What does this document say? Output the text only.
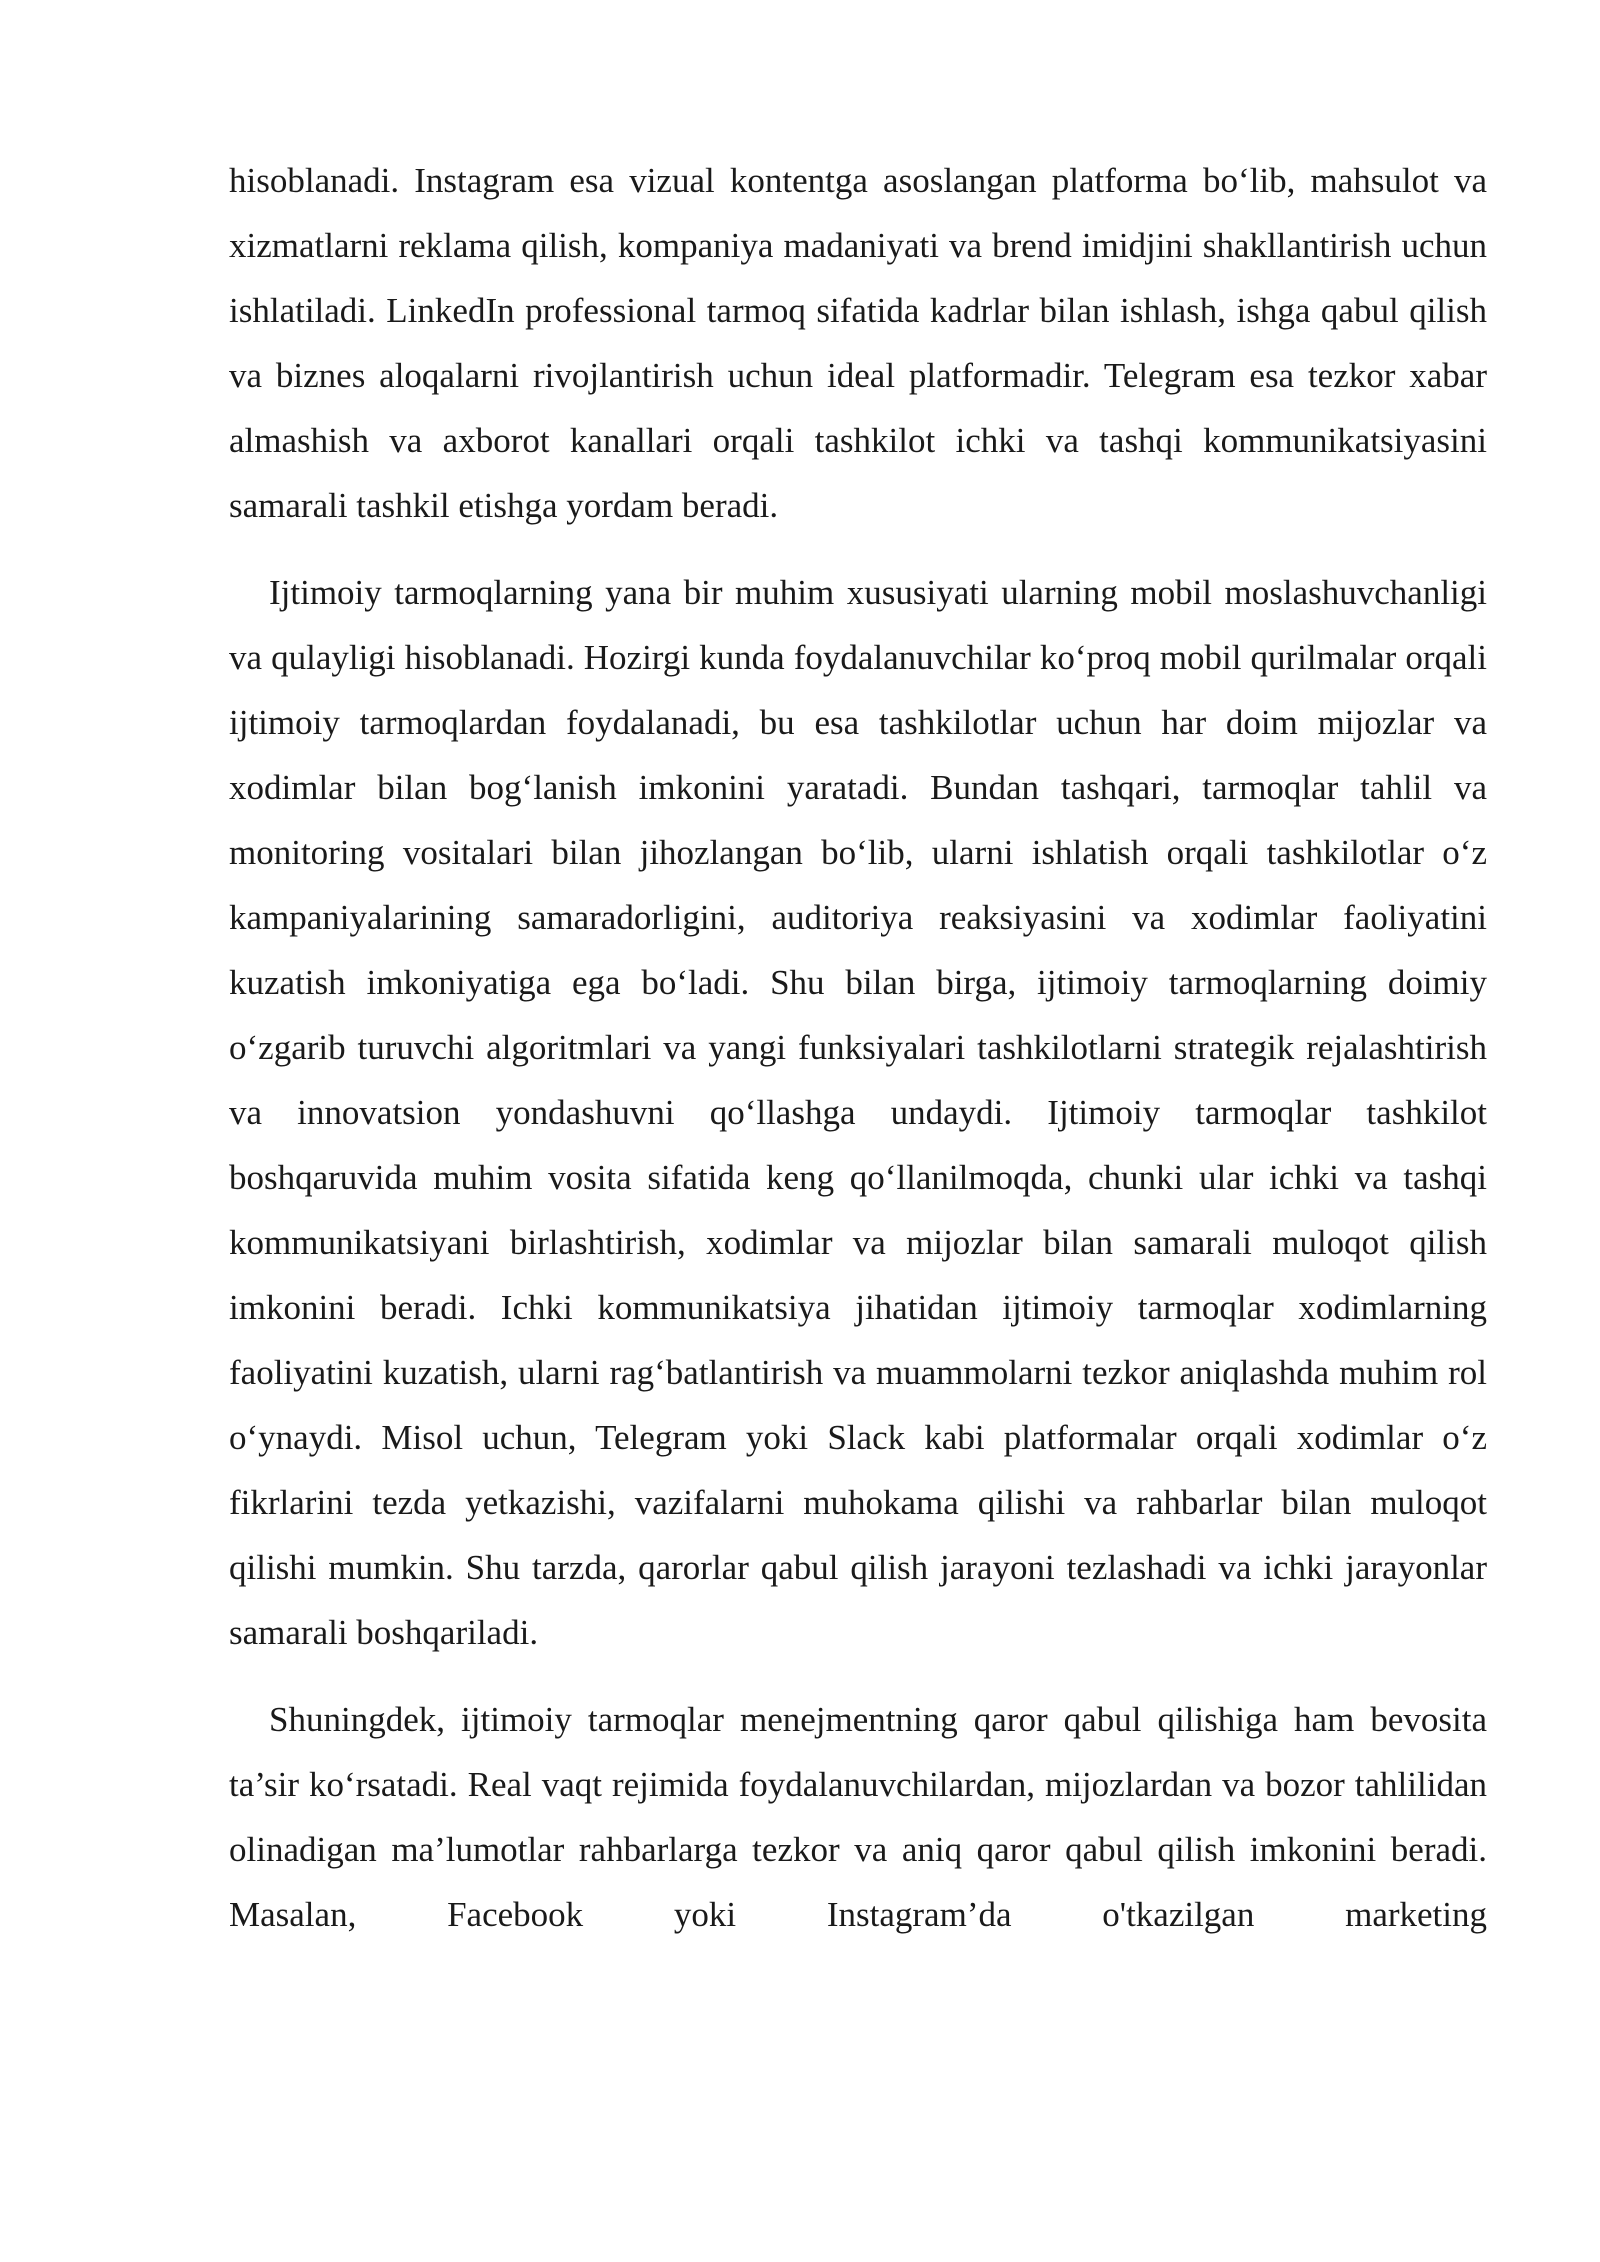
hisoblanadi. Instagram esa vizual kontentga asoslangan platforma bo‘lib, mahsulot va xizmatlarni reklama qilish, kompaniya madaniyati va brend imidjini shakllantirish uchun ishlatiladi. LinkedIn professional tarmoq sifatida kadrlar bilan ishlash, ishga qabul qilish va biznes aloqalarni rivojlantirish uchun ideal platformadir. Telegram esa tezkor xabar almashish va axborot kanallari orqali tashkilot ichki va tashqi kommunikatsiyasini samarali tashkil etishga yordam beradi.

Ijtimoiy tarmoqlarning yana bir muhim xususiyati ularning mobil moslashuvchanligi va qulayligi hisoblanadi. Hozirgi kunda foydalanuvchilar ko‘proq mobil qurilmalar orqali ijtimoiy tarmoqlardan foydalanadi, bu esa tashkilotlar uchun har doim mijozlar va xodimlar bilan bog‘lanish imkonini yaratadi. Bundan tashqari, tarmoqlar tahlil va monitoring vositalari bilan jihozlangan bo‘lib, ularni ishlatish orqali tashkilotlar o‘z kampaniyalarining samaradorligini, auditoriya reaksiyasini va xodimlar faoliyatini kuzatish imkoniyatiga ega bo‘ladi. Shu bilan birga, ijtimoiy tarmoqlarning doimiy o‘zgarib turuvchi algoritmlari va yangi funksiyalari tashkilotlarni strategik rejalashtirish va innovatsion yondashuvni qo‘llashga undaydi. Ijtimoiy tarmoqlar tashkilot boshqaruvida muhim vosita sifatida keng qo‘llanilmoqda, chunki ular ichki va tashqi kommunikatsiyani birlashtirish, xodimlar va mijozlar bilan samarali muloqot qilish imkonini beradi. Ichki kommunikatsiya jihatidan ijtimoiy tarmoqlar xodimlarning faoliyatini kuzatish, ularni rag‘batlantirish va muammolarni tezkor aniqlashda muhim rol o‘ynaydi. Misol uchun, Telegram yoki Slack kabi platformalar orqali xodimlar o‘z fikrlarini tezda yetkazishi, vazifalarni muhokama qilishi va rahbarlar bilan muloqot qilishi mumkin. Shu tarzda, qarorlar qabul qilish jarayoni tezlashadi va ichki jarayonlar samarali boshqariladi.

Shuningdek, ijtimoiy tarmoqlar menejmentning qaror qabul qilishiga ham bevosita ta’sir ko‘rsatadi. Real vaqt rejimida foydalanuvchilardan, mijozlardan va bozor tahlilidan olinadigan ma’lumotlar rahbarlarga tezkor va aniq qaror qabul qilish imkonini beradi. Masalan, Facebook yoki Instagram’da o'tkazilgan marketing
